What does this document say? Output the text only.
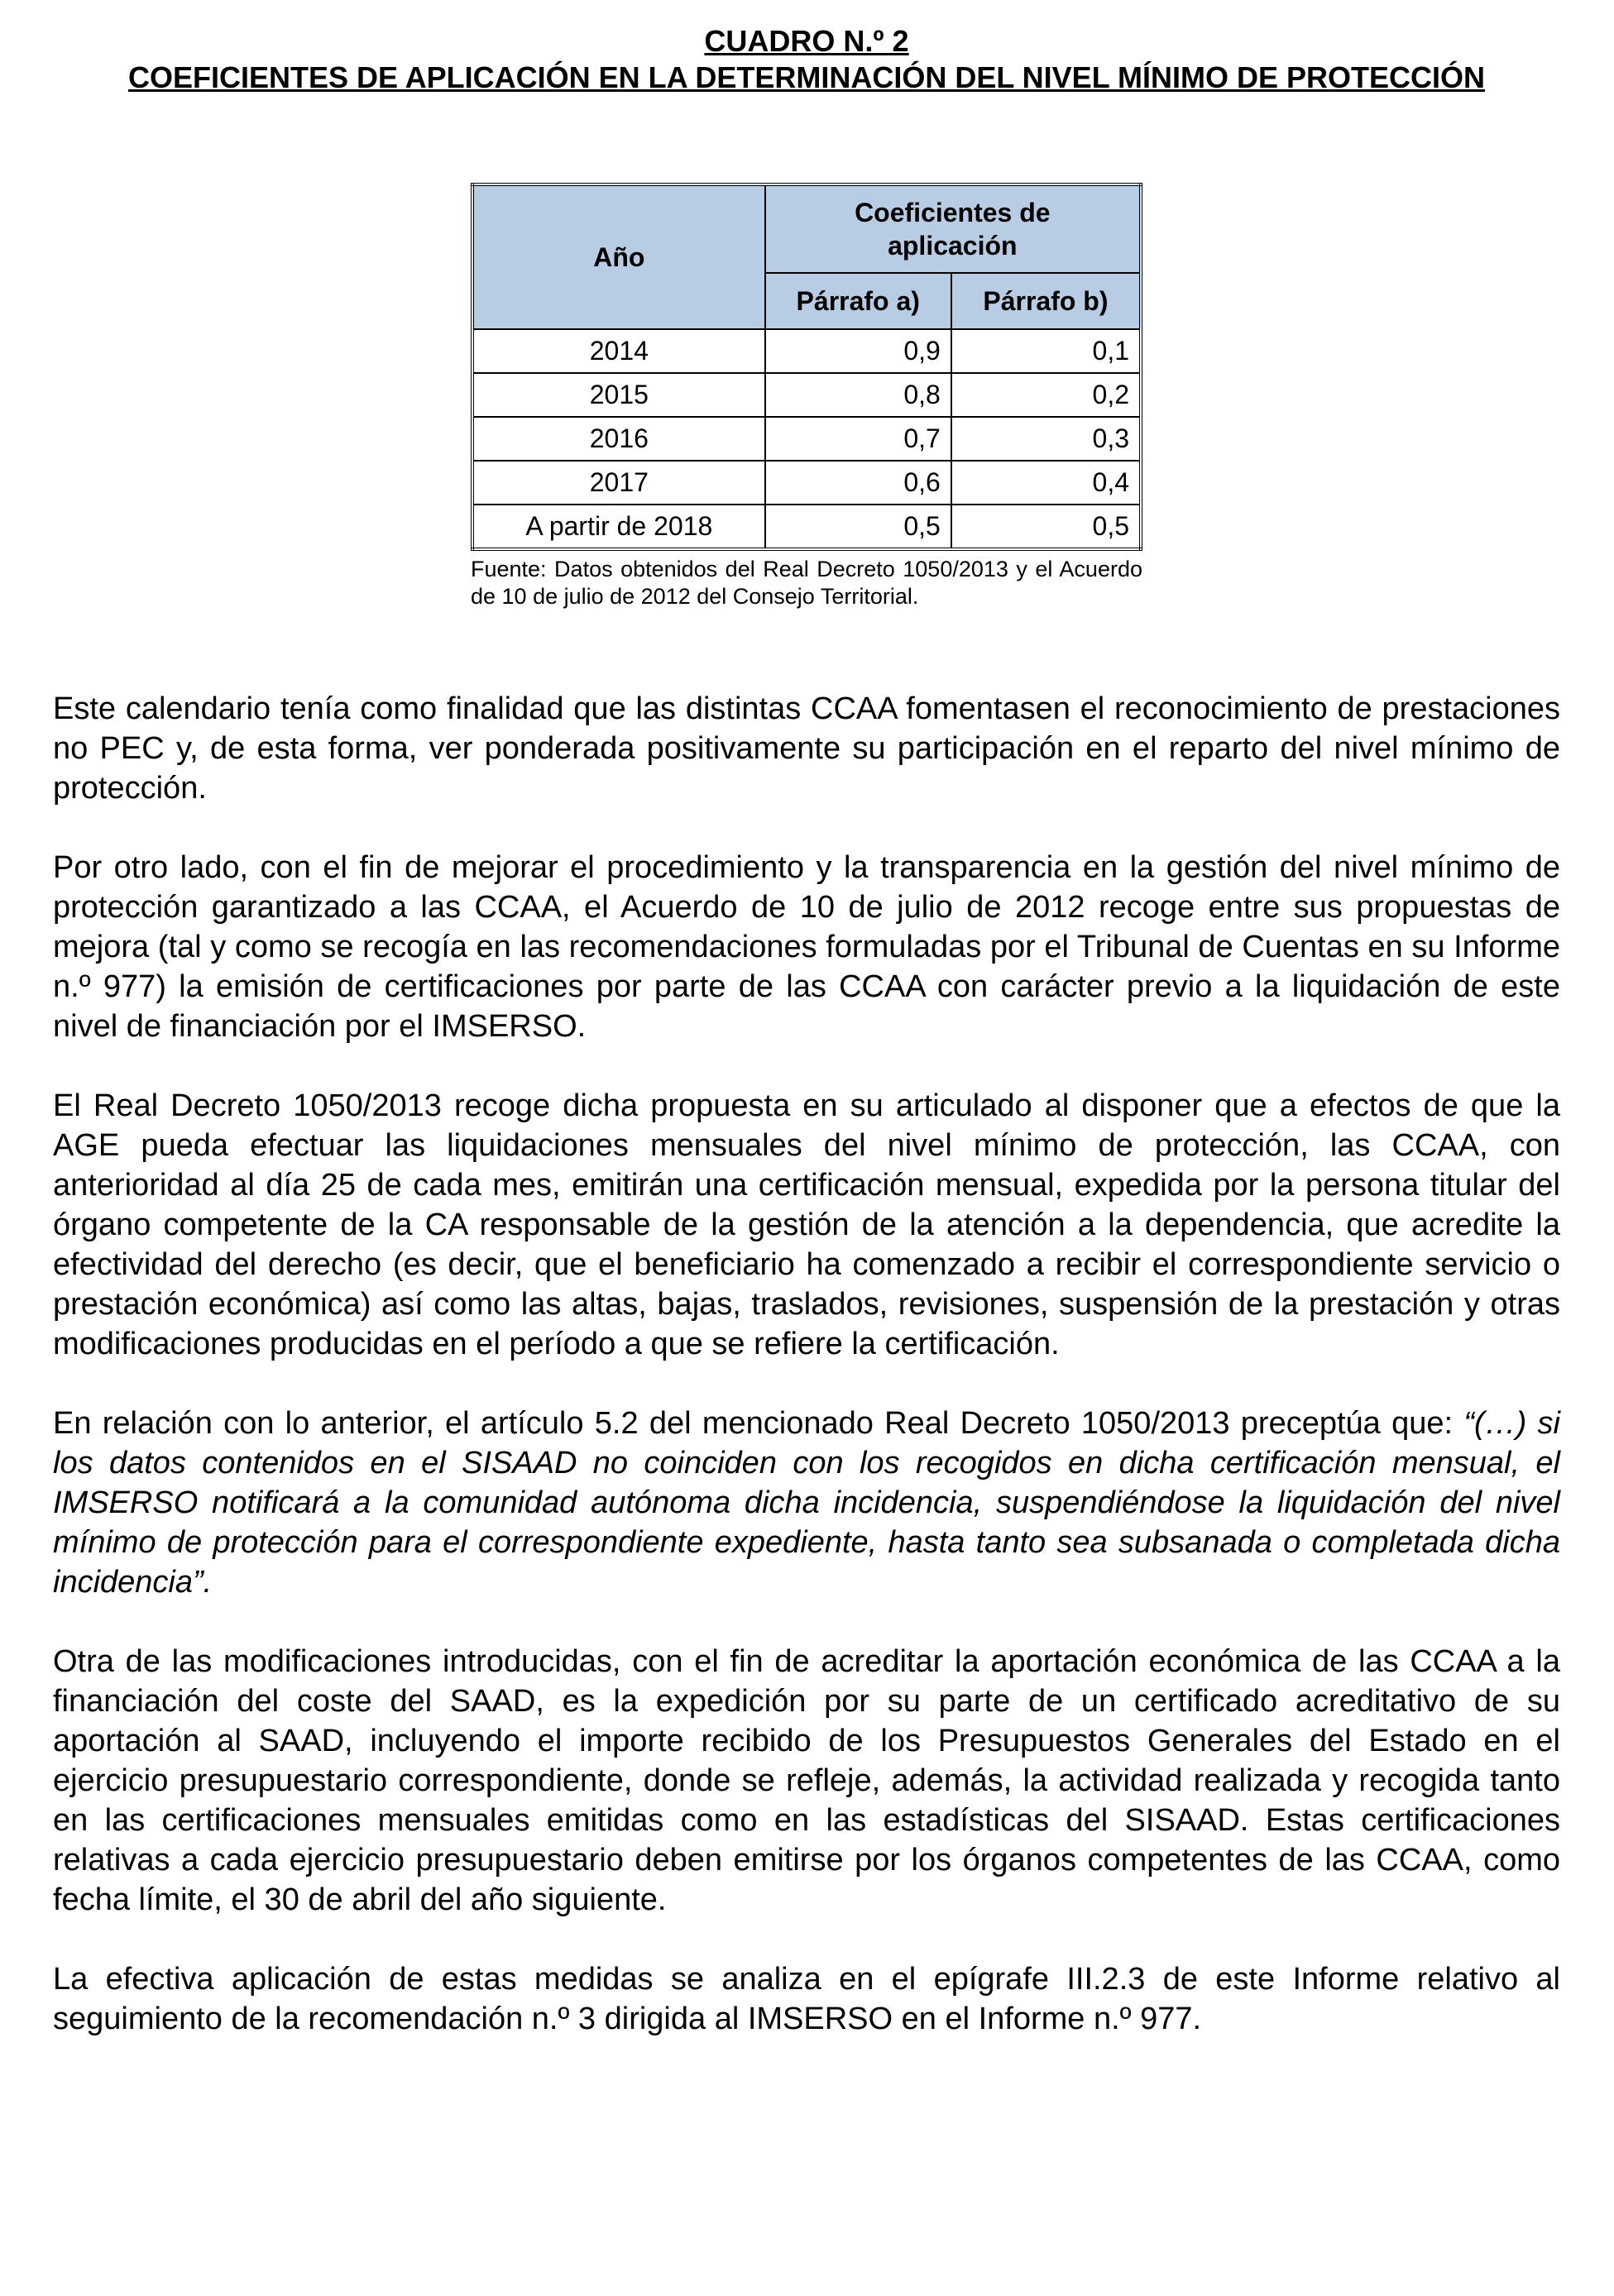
CUADRO N.º 2

COEFICIENTES DE APLICACIÓN EN LA DETERMINACIÓN DEL NIVEL MÍNIMO DE PROTECCIÓN

Año	Coeficientes de aplicación	
	Párrafo a)	Párrafo b)
2014	0,9	0,1
2015	0,8	0,2
2016	0,7	0,3
2017	0,6	0,4
A partir de 2018	0,5	0,5

Fuente: Datos obtenidos del Real Decreto 1050/2013 y el Acuerdo de 10 de julio de 2012 del Consejo Territorial.

Este calendario tenía como finalidad que las distintas CCAA fomentasen el reconocimiento de prestaciones no PEC y, de esta forma, ver ponderada positivamente su participación en el reparto del nivel mínimo de protección.

Por otro lado, con el fin de mejorar el procedimiento y la transparencia en la gestión del nivel mínimo de protección garantizado a las CCAA, el Acuerdo de 10 de julio de 2012 recoge entre sus propuestas de mejora (tal y como se recogía en las recomendaciones formuladas por el Tribunal de Cuentas en su Informe n.º 977) la emisión de certificaciones por parte de las CCAA con carácter previo a la liquidación de este nivel de financiación por el IMSERSO.

El Real Decreto 1050/2013 recoge dicha propuesta en su articulado al disponer que a efectos de que la AGE pueda efectuar las liquidaciones mensuales del nivel mínimo de protección, las CCAA, con anterioridad al día 25 de cada mes, emitirán una certificación mensual, expedida por la persona titular del órgano competente de la CA responsable de la gestión de la atención a la dependencia, que acredite la efectividad del derecho (es decir, que el beneficiario ha comenzado a recibir el correspondiente servicio o prestación económica) así como las altas, bajas, traslados, revisiones, suspensión de la prestación y otras modificaciones producidas en el período a que se refiere la certificación.

En relación con lo anterior, el artículo 5.2 del mencionado Real Decreto 1050/2013 preceptúa que: “(…) si los datos contenidos en el SISAAD no coinciden con los recogidos en dicha certificación mensual, el IMSERSO notificará a la comunidad autónoma dicha incidencia, suspendiéndose la liquidación del nivel mínimo de protección para el correspondiente expediente, hasta tanto sea subsanada o completada dicha incidencia”.

Otra de las modificaciones introducidas, con el fin de acreditar la aportación económica de las CCAA a la financiación del coste del SAAD, es la expedición por su parte de un certificado acreditativo de su aportación al SAAD, incluyendo el importe recibido de los Presupuestos Generales del Estado en el ejercicio presupuestario correspondiente, donde se refleje, además, la actividad realizada y recogida tanto en las certificaciones mensuales emitidas como en las estadísticas del SISAAD. Estas certificaciones relativas a cada ejercicio presupuestario deben emitirse por los órganos competentes de las CCAA, como fecha límite, el 30 de abril del año siguiente.

La efectiva aplicación de estas medidas se analiza en el epígrafe III.2.3 de este Informe relativo al seguimiento de la recomendación n.º 3 dirigida al IMSERSO en el Informe n.º 977.
